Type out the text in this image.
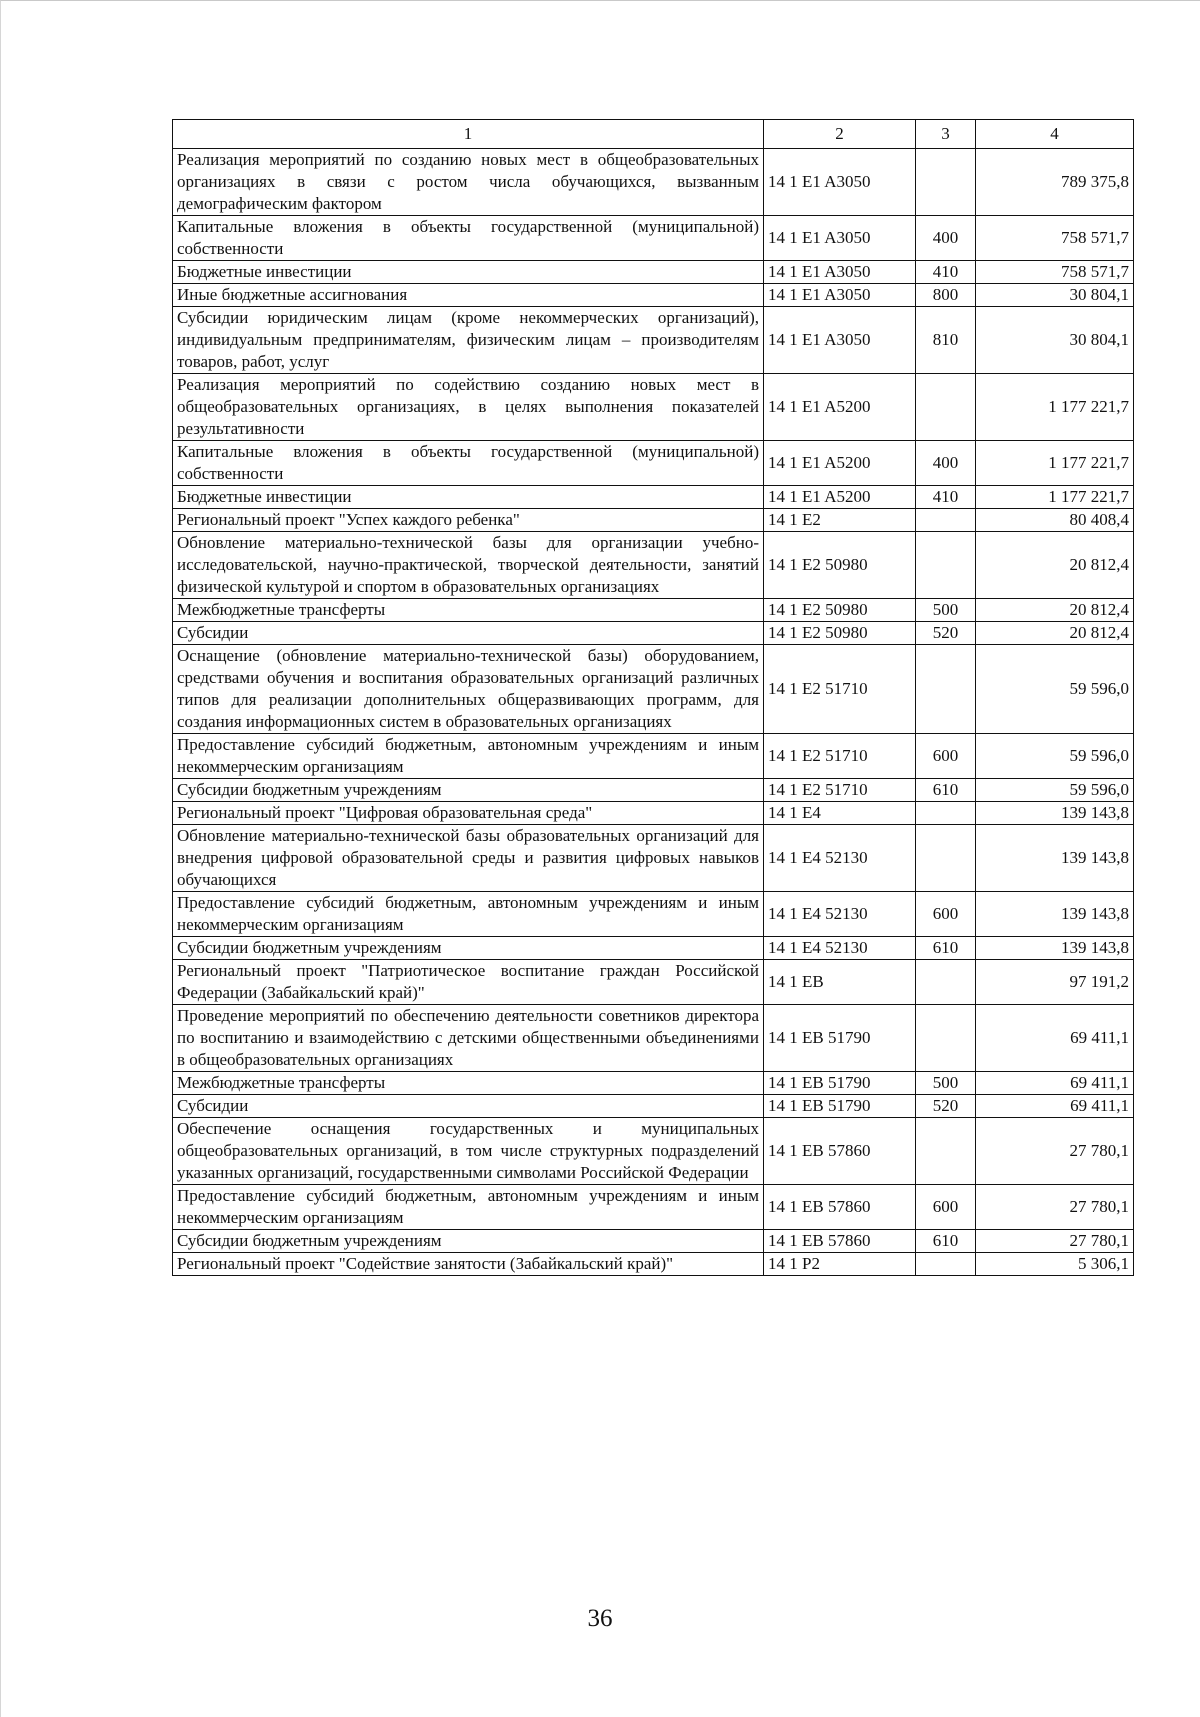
1	2	3	4
Реализация мероприятий по созданию новых мест в общеобразовательных организациях в связи с ростом числа обучающихся, вызванным демографическим фактором	14 1 E1 A3050		789 375,8
Капитальные вложения в объекты государственной (муниципальной) собственности	14 1 E1 A3050	400	758 571,7
Бюджетные инвестиции	14 1 E1 A3050	410	758 571,7
Иные бюджетные ассигнования	14 1 E1 A3050	800	30 804,1
Субсидии юридическим лицам (кроме некоммерческих организаций), индивидуальным предпринимателям, физическим лицам – производителям товаров, работ, услуг	14 1 E1 A3050	810	30 804,1
Реализация мероприятий по содействию созданию новых мест в общеобразовательных организациях, в целях выполнения показателей результативности	14 1 E1 A5200		1 177 221,7
Капитальные вложения в объекты государственной (муниципальной) собственности	14 1 E1 A5200	400	1 177 221,7
Бюджетные инвестиции	14 1 E1 A5200	410	1 177 221,7
Региональный проект "Успех каждого ребенка"	14 1 E2		80 408,4
Обновление материально-технической базы для организации учебно-исследовательской, научно-практической, творческой деятельности, занятий физической культурой и спортом в образовательных организациях	14 1 E2 50980		20 812,4
Межбюджетные трансферты	14 1 E2 50980	500	20 812,4
Субсидии	14 1 E2 50980	520	20 812,4
Оснащение (обновление материально-технической базы) оборудованием, средствами обучения и воспитания образовательных организаций различных типов для реализации дополнительных общеразвивающих программ, для создания информационных систем в образовательных организациях	14 1 E2 51710		59 596,0
Предоставление субсидий бюджетным, автономным учреждениям и иным некоммерческим организациям	14 1 E2 51710	600	59 596,0
Субсидии бюджетным учреждениям	14 1 E2 51710	610	59 596,0
Региональный проект "Цифровая образовательная среда"	14 1 E4		139 143,8
Обновление материально-технической базы образовательных организаций для внедрения цифровой образовательной среды и развития цифровых навыков обучающихся	14 1 E4 52130		139 143,8
Предоставление субсидий бюджетным, автономным учреждениям и иным некоммерческим организациям	14 1 E4 52130	600	139 143,8
Субсидии бюджетным учреждениям	14 1 E4 52130	610	139 143,8
Региональный проект "Патриотическое воспитание граждан Российской Федерации (Забайкальский край)"	14 1 EB		97 191,2
Проведение мероприятий по обеспечению деятельности советников директора по воспитанию и взаимодействию с детскими общественными объединениями в общеобразовательных организациях	14 1 EB 51790		69 411,1
Межбюджетные трансферты	14 1 EB 51790	500	69 411,1
Субсидии	14 1 EB 51790	520	69 411,1
Обеспечение оснащения государственных и муниципальных общеобразовательных организаций, в том числе структурных подразделений указанных организаций, государственными символами Российской Федерации	14 1 EB 57860		27 780,1
Предоставление субсидий бюджетным, автономным учреждениям и иным некоммерческим организациям	14 1 EB 57860	600	27 780,1
Субсидии бюджетным учреждениям	14 1 EB 57860	610	27 780,1
Региональный проект "Содействие занятости (Забайкальский край)"	14 1 P2		5 306,1
36
